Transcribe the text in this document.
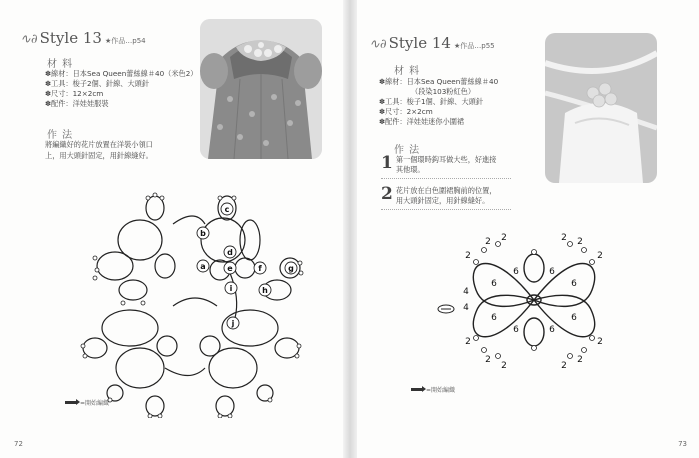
∿∂ Style 13 ★作品…p54
材 料
✽線材：日本Sea Queen蕾絲線＃40（米色2）
✽工具：梭子2個、針線、大頭針
✽尺寸：12×2cm
✽配件：洋娃娃服裝
作 法
將編織好的花片放置在洋裝小領口
上，用大頭針固定，用針線縫好。
c
b
a
d
e	f	g
h
i
j
=開始編織
72
∿∂ Style 14 ★作品…p55
材 料
✽線材：日本Sea Queen蕾絲線＃40
（段染103粉紅色）
✽工具：梭子1個、針線、大頭針
✽尺寸：2×2cm
✽配件：洋娃娃迷你小圍裙
作 法
1 第一個環時鈎耳做大些，好進接
其他環。
2 花片放在白色圍裙胸前的位置，
用大頭針固定，用針線縫好。
2 2
2
2 2
2
2
2
2	2
2
2
6	6
6	6
6	6
6	6
4
4
=開始編織
73
